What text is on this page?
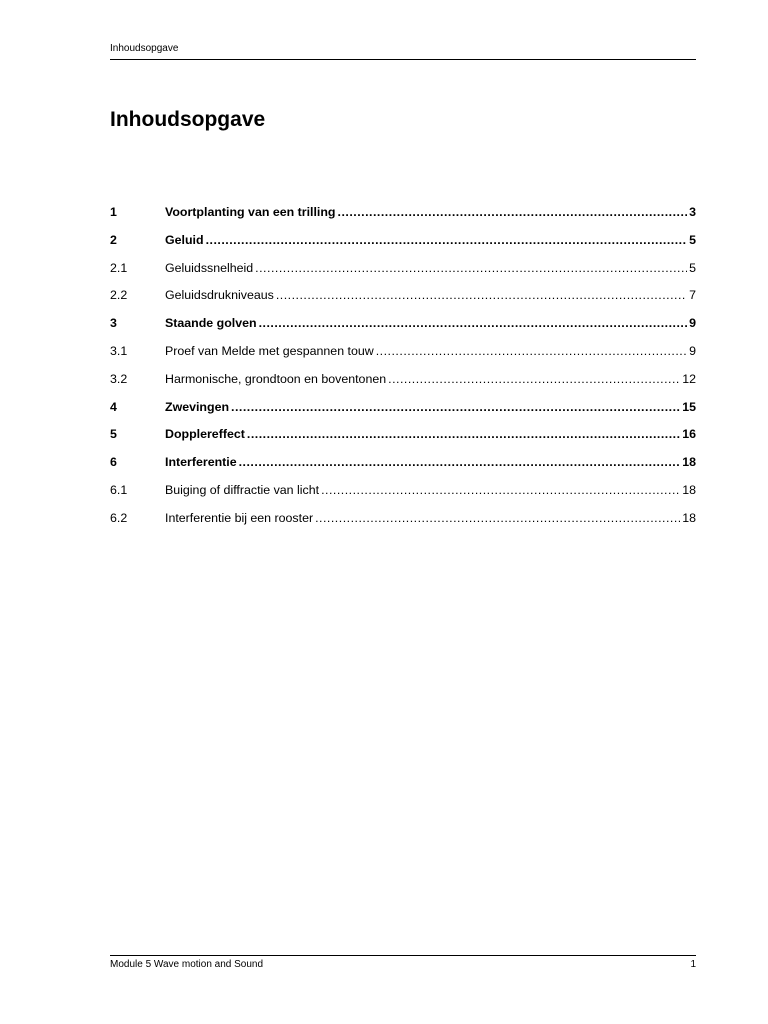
Inhoudsopgave
Inhoudsopgave
1	Voortplanting van een trilling .....	3
2	Geluid .....	5
2.1	Geluidssnelheid .....	5
2.2	Geluidsdrukniveaus .....	7
3	Staande golven .....	9
3.1	Proef van Melde met gespannen touw .....	9
3.2	Harmonische, grondtoon en boventonen .....	12
4	Zwevingen .....	15
5	Dopplereffect .....	16
6	Interferentie .....	18
6.1	Buiging of diffractie van licht .....	18
6.2	Interferentie bij een rooster .....	18
Module 5 Wave motion and Sound	1
